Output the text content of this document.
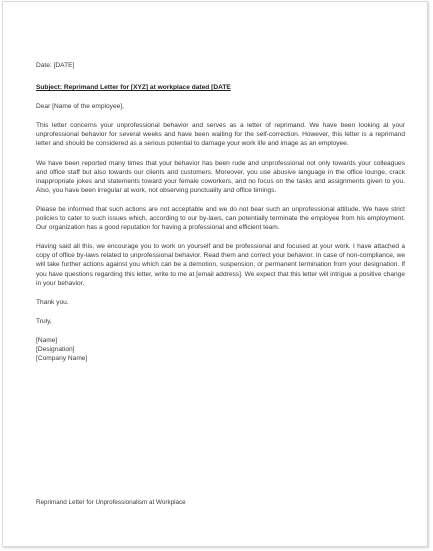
Date: [DATE]

Subject: Reprimand Letter for [XYZ] at workplace dated [DATE

Dear [Name of the employee],

This letter concerns your unprofessional behavior and serves as a letter of reprimand. We have been looking at your unprofessional behavior for several weeks and have been waiting for the self-correction. However, this letter is a reprimand letter and should be considered as a serious potential to damage your work life and image as an employee.

We have been reported many times that your behavior has been rude and unprofessional not only towards your colleagues and office staff but also towards our clients and customers. Moreover, you use abusive language in the office lounge, crack inappropriate jokes and statements toward your female coworkers, and no focus on the tasks and assignments given to you. Also, you have been irregular at work, not observing punctuality and office timings.

Please be informed that such actions are not acceptable and we do not bear such an unprofessional attitude. We have strict policies to cater to such issues which, according to our by-laws, can potentially terminate the employee from his employment. Our organization has a good reputation for having a professional and efficient team.

Having said all this, we encourage you to work on yourself and be professional and focused at your work. I have attached a copy of office by-laws related to unprofessional behavior. Read them and correct your behavior. In case of non-compliance, we will take further actions against you which can be a demotion, suspension, or permanent termination from your designation. If you have questions regarding this letter, write to me at [email address]. We expect that this letter will intrigue a positive change in your behavior.

Thank you.

Truly,

[Name]

[Designation]

[Company Name]

Reprimand Letter for Unprofessionalism at Workplace
